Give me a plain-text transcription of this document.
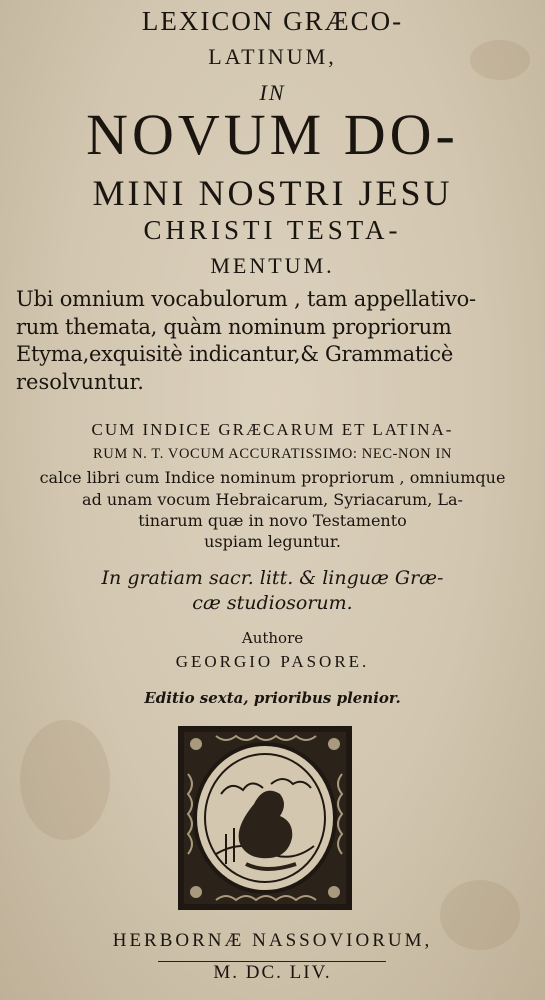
LEXICON GRÆCO-
LATINUM,
IN
NOVUM DO-
MINI NOSTRI JESU
CHRISTI TESTA-
MENTUM.
Ubi omnium vocabulorum , tam appellativo-
rum themata, quàm nominum propriorum
Etyma,exquisitè indicantur,& Grammaticè
resolvuntur.
CUM INDICE GRÆCARUM ET LATINA-
RUM N. T. VOCUM ACCURATISSIMO: NEC-NON IN
calce libri cum Indice nominum propriorum , omniumque
ad unam vocum Hebraicarum, Syriacarum, La-
tinarum quæ in novo Testamento
uspiam leguntur.
In gratiam sacr. litt. & linguæ Græ-
cæ studiosorum.
Authore
GEORGIO PASORE.
Editio sexta, prioribus plenior.
HERBORNÆ NASSOVIORUM,
M. DC. LIV.
